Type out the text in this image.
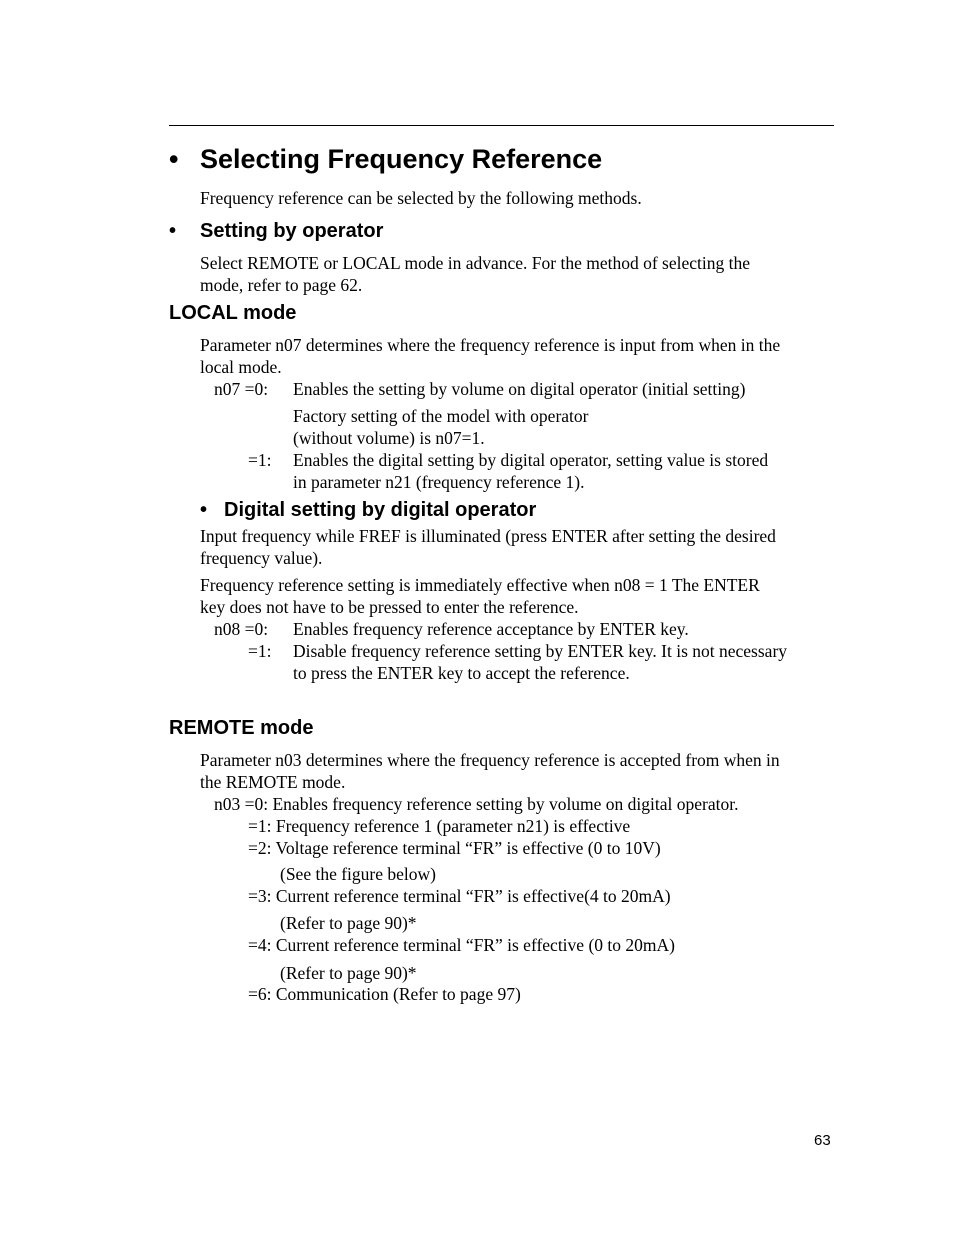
• Selecting Frequency Reference
Frequency reference can be selected by the following methods.
• Setting by operator
Select REMOTE or LOCAL mode in advance. For the method of selecting the
mode, refer to page 62.
LOCAL mode
Parameter n07 determines where the frequency reference is input from when in the
local mode.
n07 =0: Enables the setting by volume on digital operator (initial setting)
Factory setting of the model with operator
(without volume) is n07=1.
=1: Enables the digital setting by digital operator, setting value is stored
in parameter n21 (frequency reference 1).
• Digital setting by digital operator
Input frequency while FREF is illuminated (press ENTER after setting the desired
frequency value).
Frequency reference setting is immediately effective when n08 = 1 The ENTER
key does not have to be pressed to enter the reference.
n08 =0: Enables frequency reference acceptance by ENTER key.
=1: Disable frequency reference setting by ENTER key. It is not necessary
to press the ENTER key to accept the reference.
REMOTE mode
Parameter n03 determines where the frequency reference is accepted from when in
the REMOTE mode.
n03 =0: Enables frequency reference setting by volume on digital operator.
=1: Frequency reference 1 (parameter n21) is effective
=2: Voltage reference terminal “FR” is effective (0 to 10V)
(See the figure below)
=3: Current reference terminal “FR” is effective(4 to 20mA)
(Refer to page 90)*
=4: Current reference terminal “FR” is effective (0 to 20mA)
(Refer to page 90)*
=6: Communication (Refer to page 97)
63
